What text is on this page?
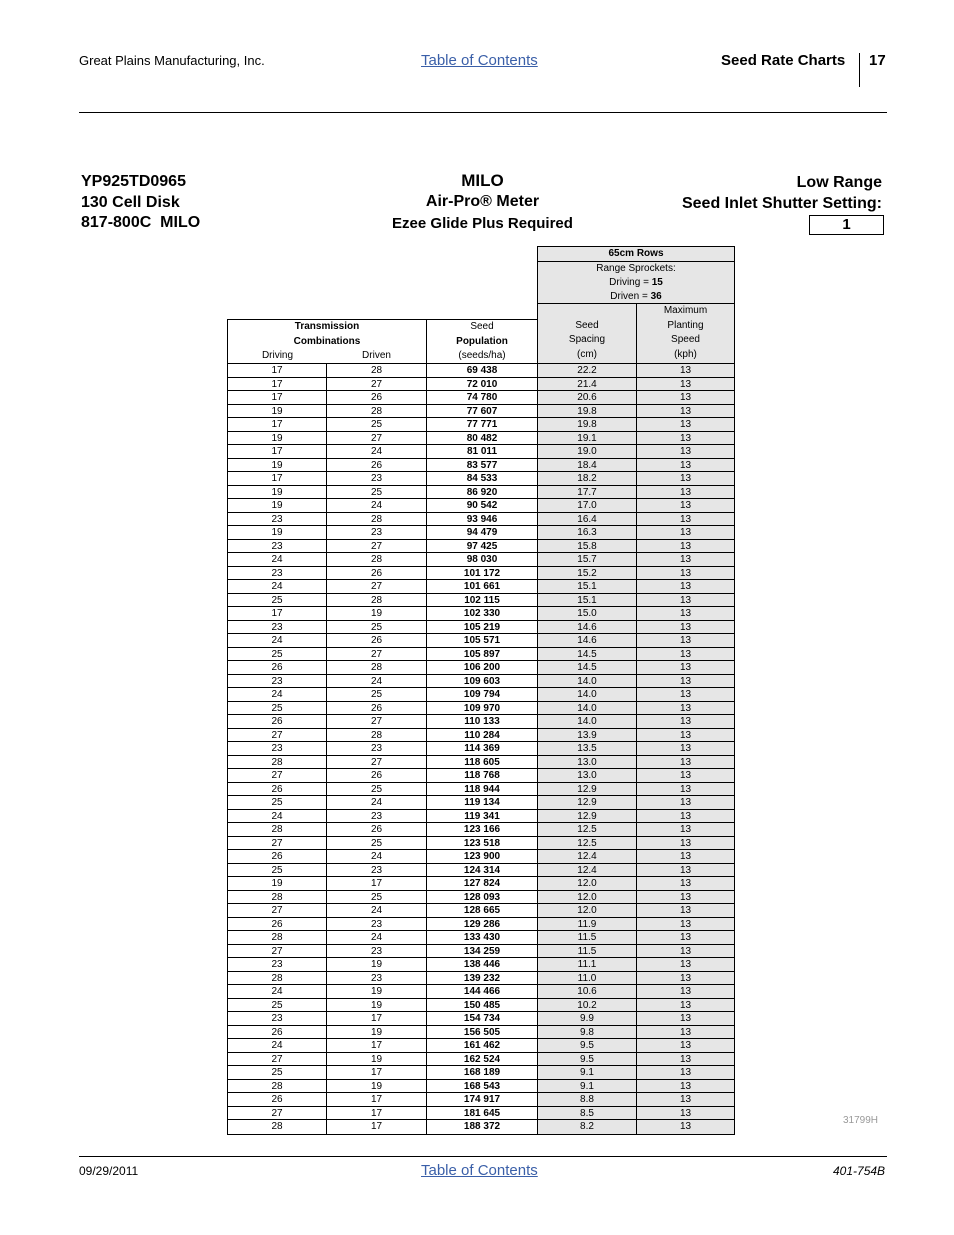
Great Plains Manufacturing, Inc.	Table of Contents	Seed Rate Charts 17
YP925TD0965
130 Cell Disk
817-800C  MILO
MILO
Air-Pro® Meter
Ezee Glide Plus Required
Low Range
Seed Inlet Shutter Setting:
1
65cm Rows
Range Sprockets:
Driving = 15
Driven = 36
Transmission
Combinations
Driving	Driven
Seed
Population
(seeds/ha)
Seed
Spacing
(cm)
Maximum
Planting
Speed
(kph)
17	28	69 438	22.2	13
17	27	72 010	21.4	13
17	26	74 780	20.6	13
19	28	77 607	19.8	13
17	25	77 771	19.8	13
19	27	80 482	19.1	13
17	24	81 011	19.0	13
19	26	83 577	18.4	13
17	23	84 533	18.2	13
19	25	86 920	17.7	13
19	24	90 542	17.0	13
23	28	93 946	16.4	13
19	23	94 479	16.3	13
23	27	97 425	15.8	13
24	28	98 030	15.7	13
23	26	101 172	15.2	13
24	27	101 661	15.1	13
25	28	102 115	15.1	13
17	19	102 330	15.0	13
23	25	105 219	14.6	13
24	26	105 571	14.6	13
25	27	105 897	14.5	13
26	28	106 200	14.5	13
23	24	109 603	14.0	13
24	25	109 794	14.0	13
25	26	109 970	14.0	13
26	27	110 133	14.0	13
27	28	110 284	13.9	13
23	23	114 369	13.5	13
28	27	118 605	13.0	13
27	26	118 768	13.0	13
26	25	118 944	12.9	13
25	24	119 134	12.9	13
24	23	119 341	12.9	13
28	26	123 166	12.5	13
27	25	123 518	12.5	13
26	24	123 900	12.4	13
25	23	124 314	12.4	13
19	17	127 824	12.0	13
28	25	128 093	12.0	13
27	24	128 665	12.0	13
26	23	129 286	11.9	13
28	24	133 430	11.5	13
27	23	134 259	11.5	13
23	19	138 446	11.1	13
28	23	139 232	11.0	13
24	19	144 466	10.6	13
25	19	150 485	10.2	13
23	17	154 734	9.9	13
26	19	156 505	9.8	13
24	17	161 462	9.5	13
27	19	162 524	9.5	13
25	17	168 189	9.1	13
28	19	168 543	9.1	13
26	17	174 917	8.8	13
27	17	181 645	8.5	13
28	17	188 372	8.2	13
31799H
09/29/2011	Table of Contents	401-754B
